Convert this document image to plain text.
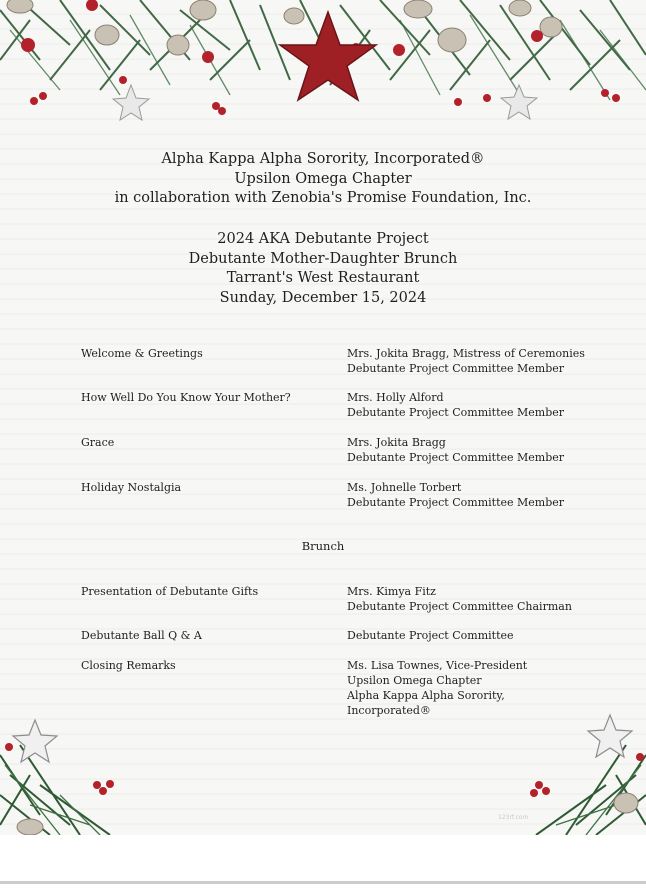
Alpha Kappa Alpha Sorority, Incorporated®
Upsilon Omega Chapter
in collaboration with Zenobia's Promise Foundation, Inc.
2024 AKA Debutante Project
Debutante Mother-Daughter Brunch
Tarrant's West Restaurant
Sunday, December 15, 2024
Welcome & Greetings	Mrs. Jokita Bragg, Mistress of Ceremonies
Debutante Project Committee Member
How Well Do You Know Your Mother?	Mrs. Holly Alford
Debutante Project Committee Member
Grace	Mrs. Jokita Bragg
Debutante Project Committee Member
Holiday Nostalgia	Ms. Johnelle Torbert
Debutante Project Committee Member
Brunch
Presentation of Debutante Gifts	Mrs. Kimya Fitz
Debutante Project Committee Chairman
Debutante Ball Q & A	Debutante Project Committee
Closing Remarks	Ms. Lisa Townes, Vice-President
Upsilon Omega Chapter
Alpha Kappa Alpha Sorority,
Incorporated®
123rf.com
